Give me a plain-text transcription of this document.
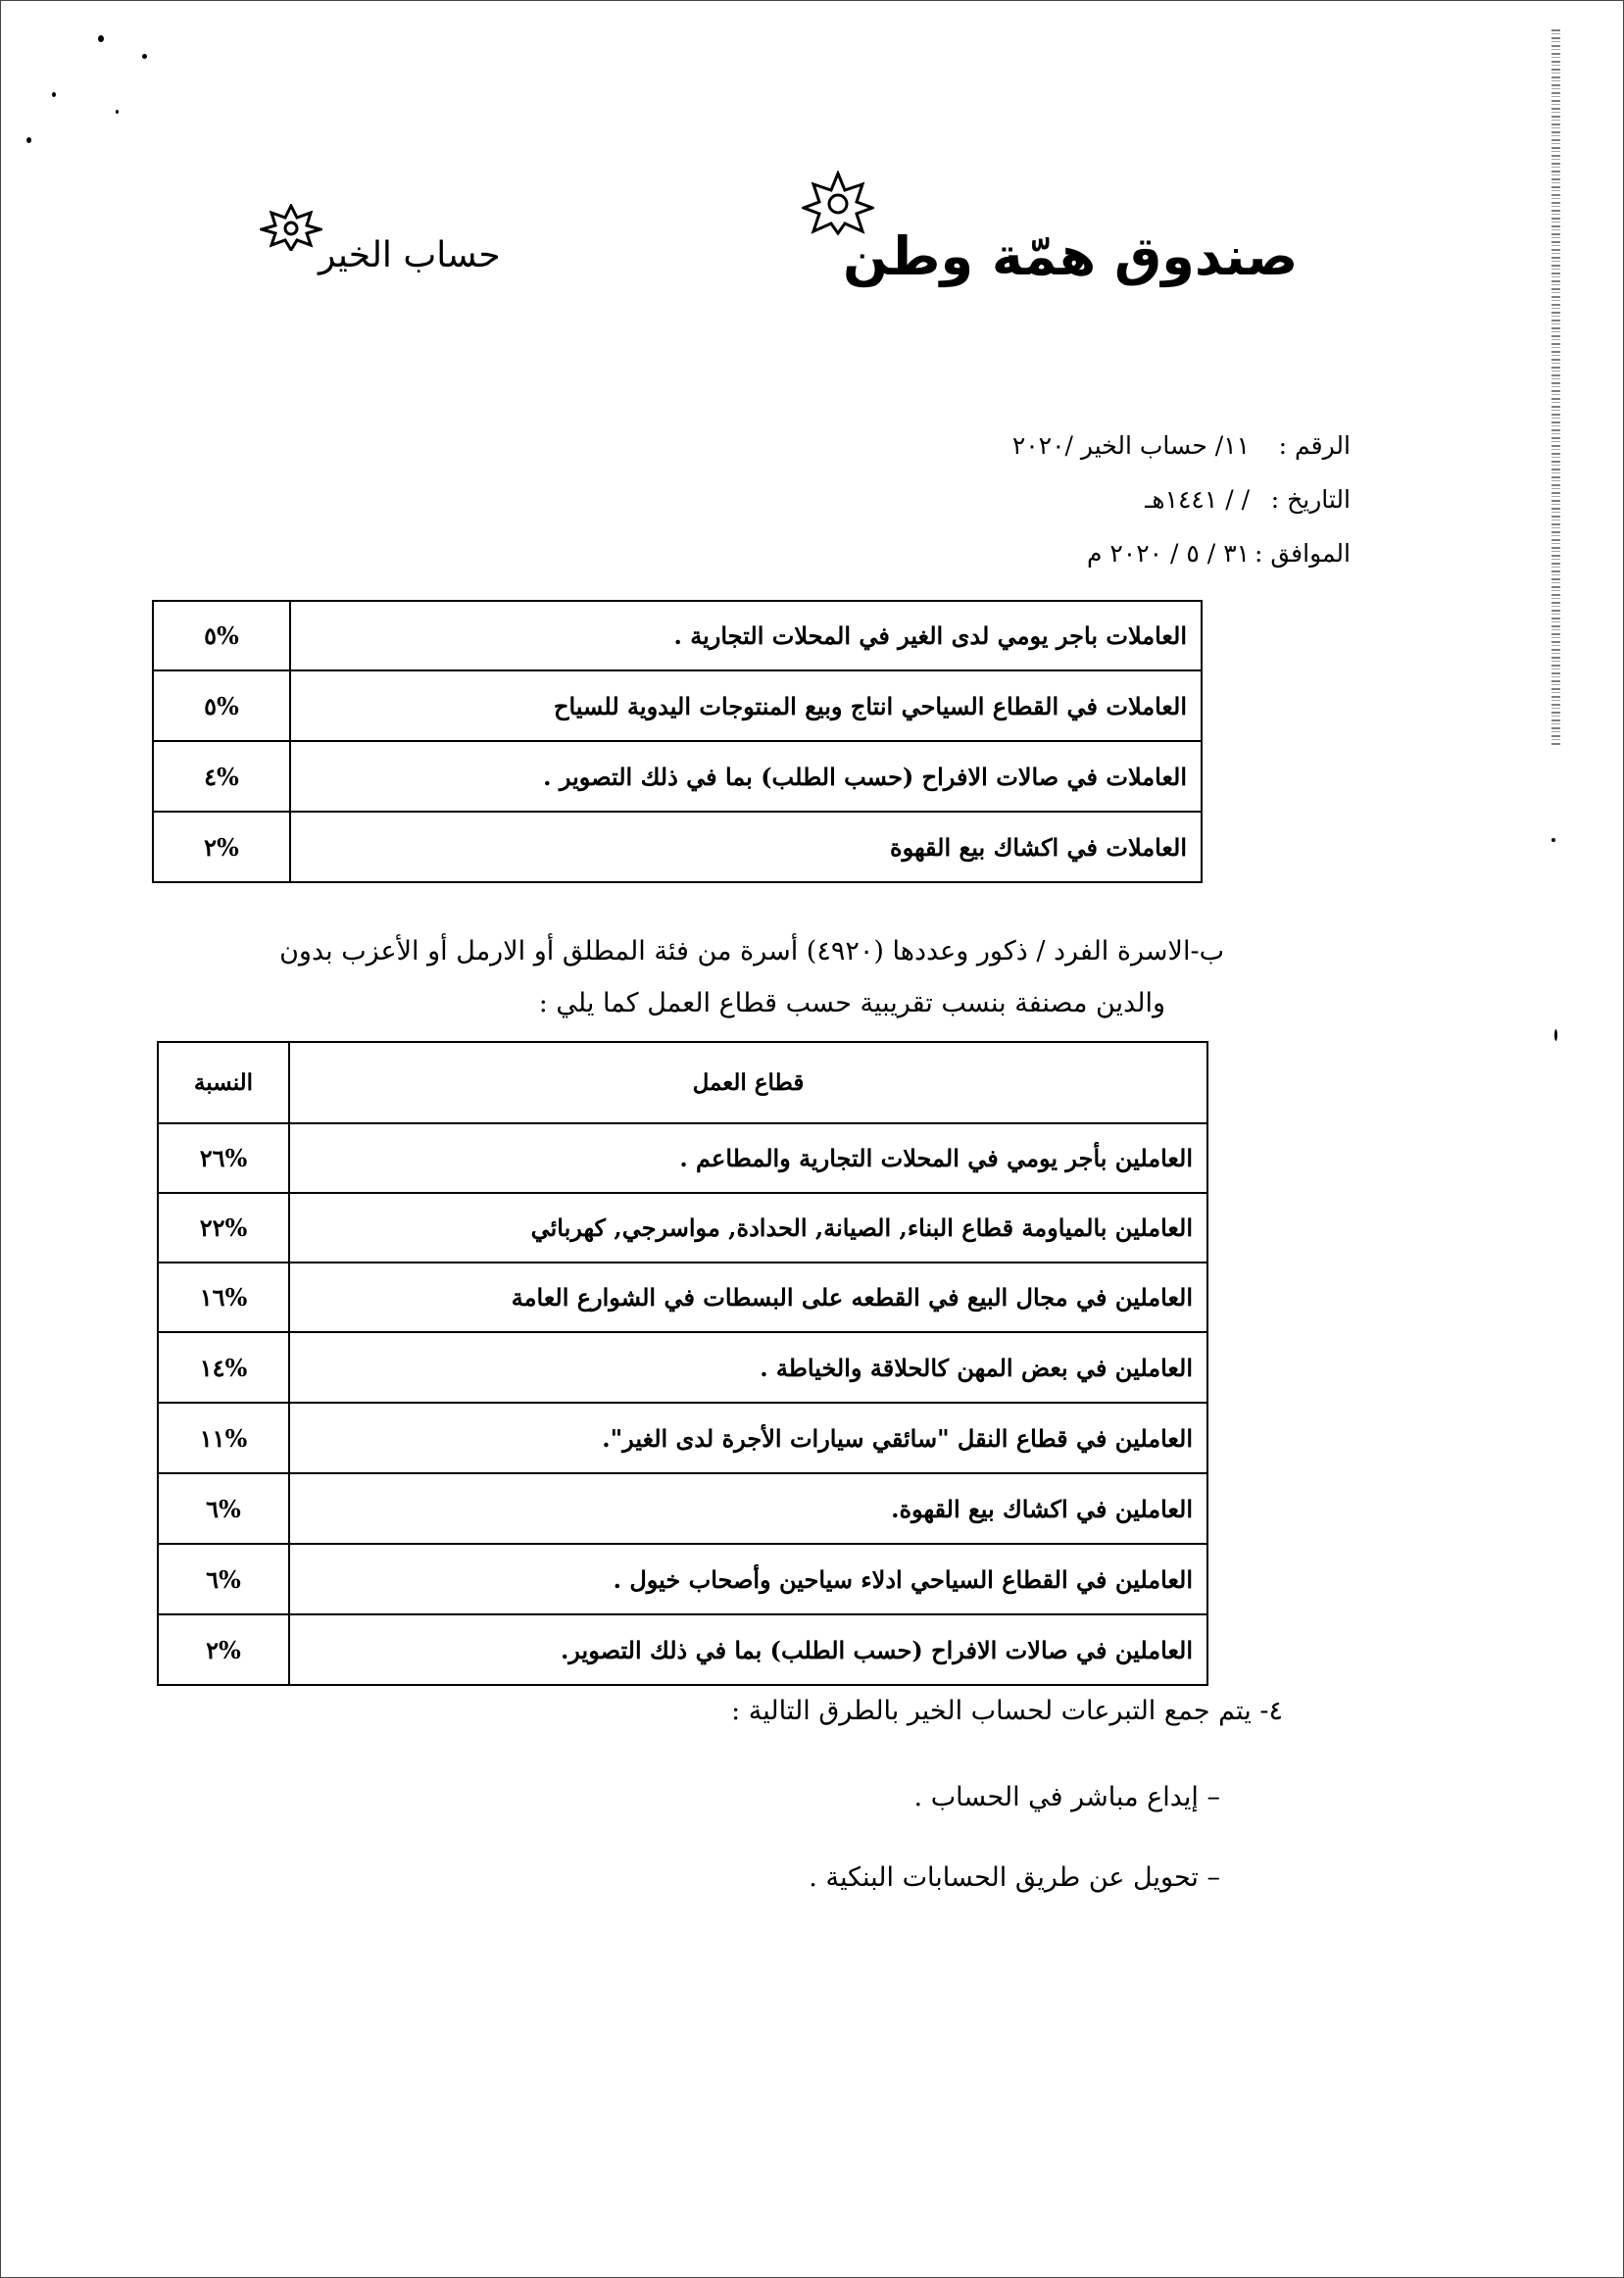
صندوق همّة وطن
حساب الخير
الرقم : ١١/ حساب الخير /٢٠٢٠
التاريخ : / / ١٤٤١هـ
الموافق : ٣١ / ٥ / ٢٠٢٠ م
العاملات باجر يومي لدى الغير في المحلات التجارية .	%٥
العاملات في القطاع السياحي انتاج وبيع المنتوجات اليدوية للسياح	%٥
العاملات في صالات الافراح (حسب الطلب) بما في ذلك التصوير .	%٤
العاملات في اكشاك بيع القهوة	%٢
ب-الاسرة الفرد / ذكور وعددها (٤٩٢٠) أسرة من فئة المطلق أو الارمل أو الأعزب بدون
والدين مصنفة بنسب تقريبية حسب قطاع العمل كما يلي :
قطاع العمل	النسبة
العاملين بأجر يومي في المحلات التجارية والمطاعم .	%٢٦
العاملين بالمياومة قطاع البناء, الصيانة, الحدادة, مواسرجي, كهربائي	%٢٢
العاملين في مجال البيع في القطعه على البسطات في الشوارع العامة	%١٦
العاملين في بعض المهن كالحلاقة والخياطة .	%١٤
العاملين في قطاع النقل "سائقي سيارات الأجرة لدى الغير".	%١١
العاملين في اكشاك بيع القهوة.	%٦
العاملين في القطاع السياحي ادلاء سياحين وأصحاب خيول .	%٦
العاملين في صالات الافراح (حسب الطلب) بما في ذلك التصوير.	%٢
٤- يتم جمع التبرعات لحساب الخير بالطرق التالية :
– إيداع مباشر في الحساب .
– تحويل عن طريق الحسابات البنكية .
